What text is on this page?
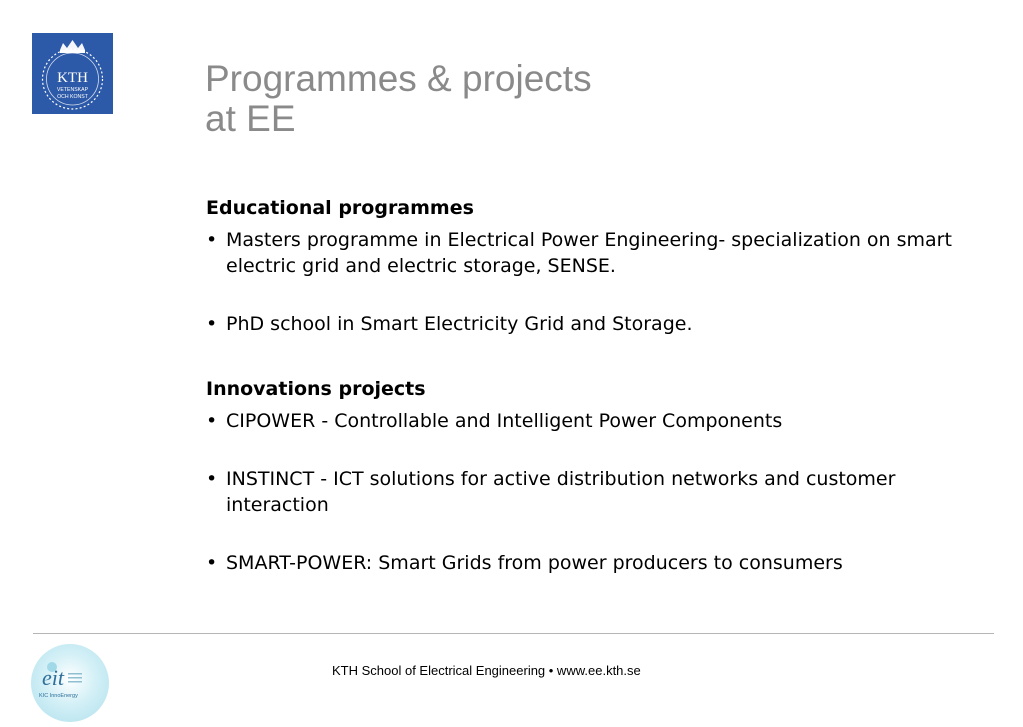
KTH
VETENSKAP
OCH KONST	Programmes & projects
at EE
Educational programmes
• Masters programme in Electrical Power Engineering- specialization on smart electric grid and electric storage, SENSE.
• PhD school in Smart Electricity Grid and Storage.
Innovations projects
• CIPOWER - Controllable and Intelligent Power Components
• INSTINCT - ICT solutions for active distribution networks and customer interaction
• SMART-POWER: Smart Grids from power producers to consumers
eit
KIC InnoEnergy
KTH School of Electrical Engineering • www.ee.kth.se
